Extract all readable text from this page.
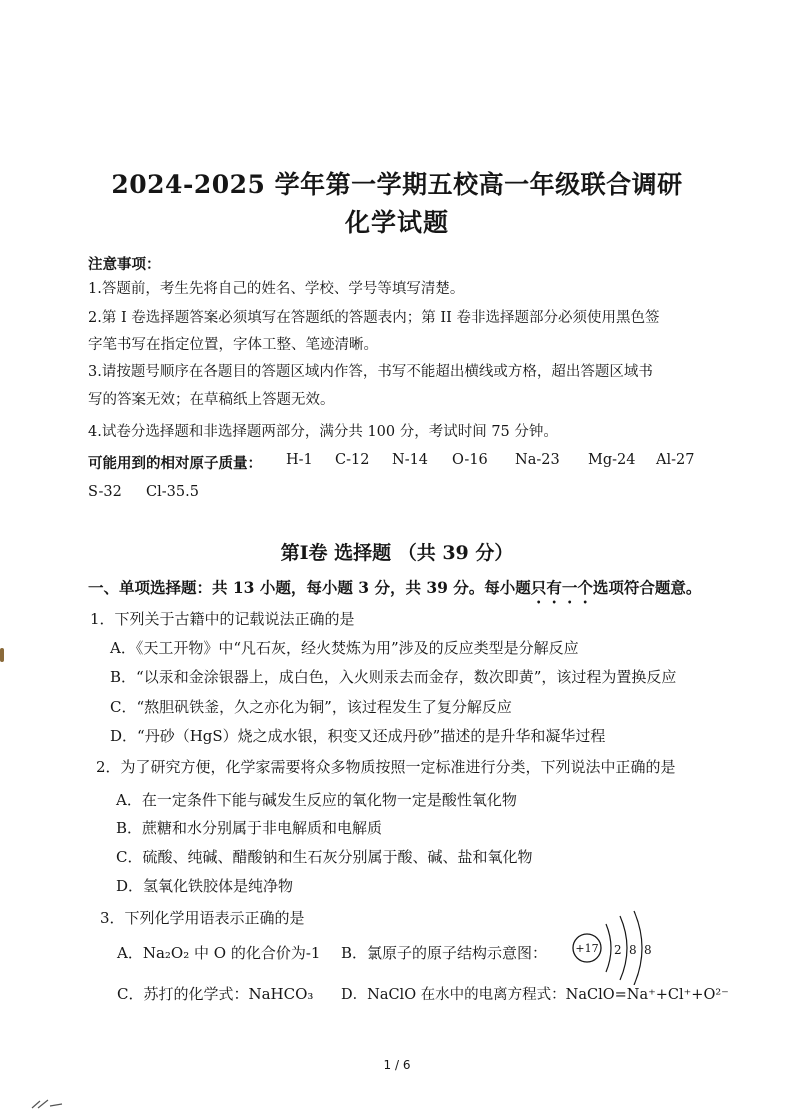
2024-2025 学年第一学期五校高一年级联合调研
化学试题
注意事项：
1.答题前，考生先将自己的姓名、学校、学号等填写清楚。
2.第 Ⅰ 卷选择题答案必须填写在答题纸的答题表内；第 II 卷非选择题部分必须使用黑色签
字笔书写在指定位置，字体工整、笔迹清晰。
3.请按题号顺序在各题目的答题区域内作答，书写不能超出横线或方格，超出答题区域书
写的答案无效；在草稿纸上答题无效。
4.试卷分选择题和非选择题两部分，满分共 100 分，考试时间 75 分钟。
可能用到的相对原子质量： H-1 C-12 N-14 O-16 Na-23 Mg-24 Al-27
S-32 Cl-35.5
第Ⅰ卷 选择题 （共 39 分）
一、单项选择题：共 13 小题，每小题 3 分，共 39 分。每小题只有一个选项符合题意。
1．下列关于古籍中的记载说法正确的是
A．《天工开物》中“凡石灰，经火焚炼为用”涉及的反应类型是分解反应
B．“以汞和金涂银器上，成白色，入火则汞去而金存，数次即黄”，该过程为置换反应
C．“熬胆矾铁釜，久之亦化为铜”，该过程发生了复分解反应
D．“丹砂（HgS）烧之成水银，积变又还成丹砂”描述的是升华和凝华过程
2．为了研究方便，化学家需要将众多物质按照一定标准进行分类，下列说法中正确的是
A．在一定条件下能与碱发生反应的氧化物一定是酸性氧化物
B．蔗糖和水分别属于非电解质和电解质
C．硫酸、纯碱、醋酸钠和生石灰分别属于酸、碱、盐和氧化物
D．氢氧化铁胶体是纯净物
3．下列化学用语表示正确的是
A．Na₂O₂ 中 O 的化合价为-1 B．氯原子的原子结构示意图：
C．苏打的化学式：NaHCO₃ D．NaClO 在水中的电离方程式：NaClO=Na⁺+Cl⁺+O²⁻
+17 2 8 8
1 / 6
